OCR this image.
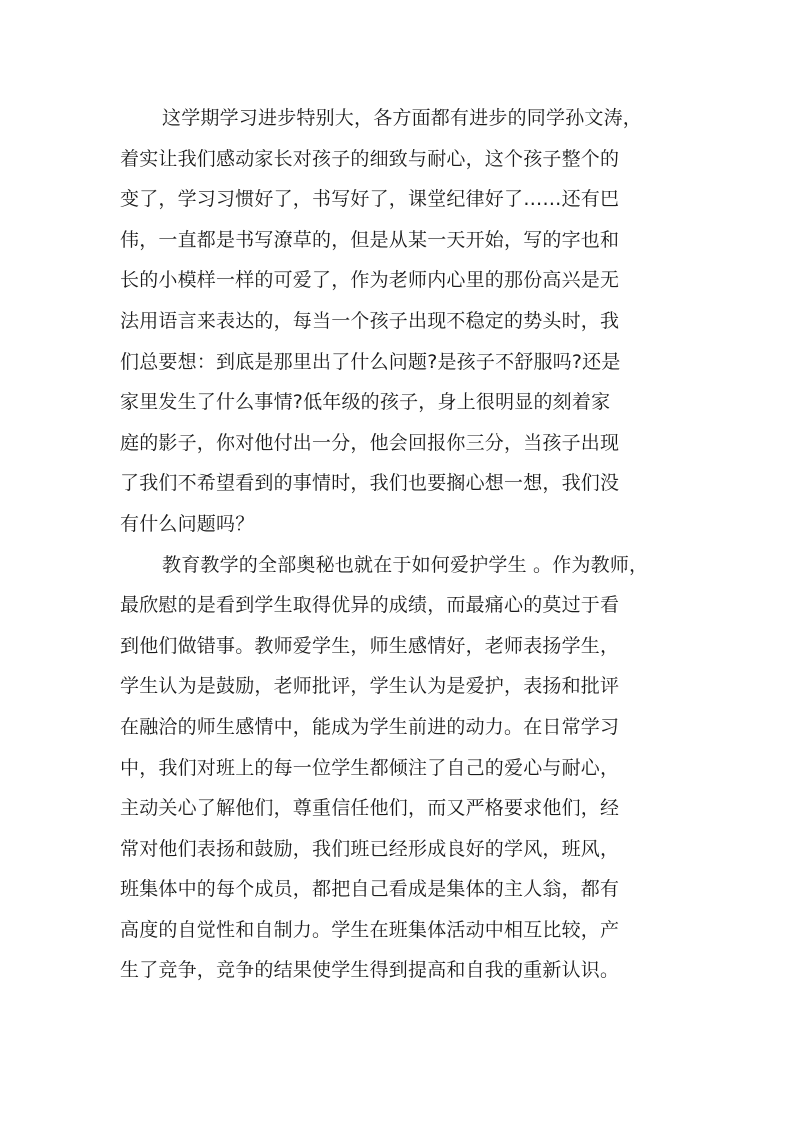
这学期学习进步特别大，各方面都有进步的同学孙文涛，
着实让我们感动家长对孩子的细致与耐心，这个孩子整个的
变了，学习习惯好了，书写好了，课堂纪律好了……还有巴
伟，一直都是书写潦草的，但是从某一天开始，写的字也和
长的小模样一样的可爱了，作为老师内心里的那份高兴是无
法用语言来表达的，每当一个孩子出现不稳定的势头时，我
们总要想：到底是那里出了什么问题?是孩子不舒服吗?还是
家里发生了什么事情?低年级的孩子，身上很明显的刻着家
庭的影子，你对他付出一分，他会回报你三分，当孩子出现
了我们不希望看到的事情时，我们也要搁心想一想，我们没
有什么问题吗？
教育教学的全部奥秘也就在于如何爱护学生 。作为教师，
最欣慰的是看到学生取得优异的成绩，而最痛心的莫过于看
到他们做错事。教师爱学生，师生感情好，老师表扬学生，
学生认为是鼓励，老师批评，学生认为是爱护，表扬和批评
在融洽的师生感情中，能成为学生前进的动力。在日常学习
中，我们对班上的每一位学生都倾注了自己的爱心与耐心，
主动关心了解他们，尊重信任他们，而又严格要求他们，经
常对他们表扬和鼓励，我们班已经形成良好的学风，班风，
班集体中的每个成员，都把自己看成是集体的主人翁，都有
高度的自觉性和自制力。学生在班集体活动中相互比较，产
生了竞争，竞争的结果使学生得到提高和自我的重新认识。
